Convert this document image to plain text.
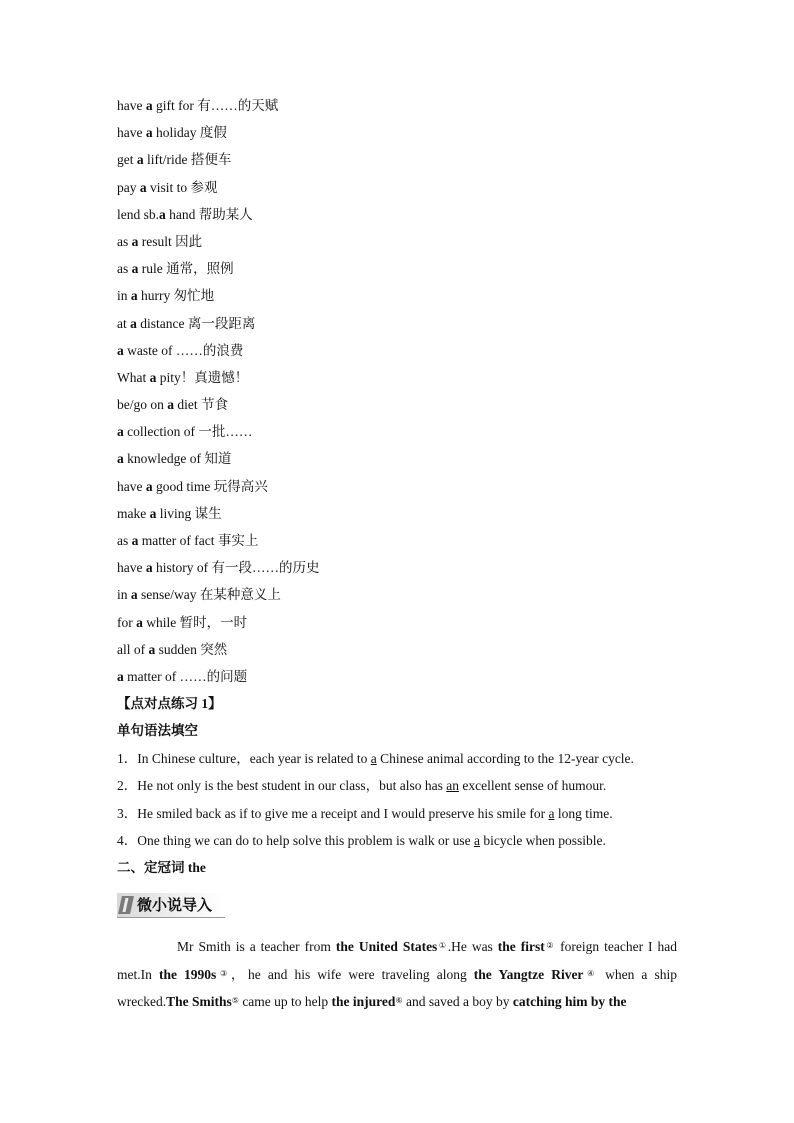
have a gift for 有……的天赋
have a holiday 度假
get a lift/ride 搭便车
pay a visit to 参观
lend sb.a hand 帮助某人
as a result 因此
as a rule 通常，照例
in a hurry 匆忙地
at a distance 离一段距离
a waste of ……的浪费
What a pity！真遗憾！
be/go on a diet 节食
a collection of 一批……
a knowledge of 知道
have a good time 玩得高兴
make a living 谋生
as a matter of fact 事实上
have a history of 有一段……的历史
in a sense/way 在某种意义上
for a while 暂时，一时
all of a sudden 突然
a matter of ……的问题
【点对点练习 1】
单句语法填空
1．In Chinese culture，each year is related to a Chinese animal according to the 12-year cycle.
2．He not only is the best student in our class，but also has an excellent sense of humour.
3．He smiled back as if to give me a receipt and I would preserve his smile for a long time.
4．One thing we can do to help solve this problem is walk or use a bicycle when possible.
二、定冠词 the
微小说导入
Mr Smith is a teacher from the United States①.He was the first② foreign teacher I had met.In the 1990s③，he and his wife were traveling along the Yangtze River④ when a ship wrecked.The Smiths⑤ came up to help the injured⑥ and saved a boy by catching him by the
